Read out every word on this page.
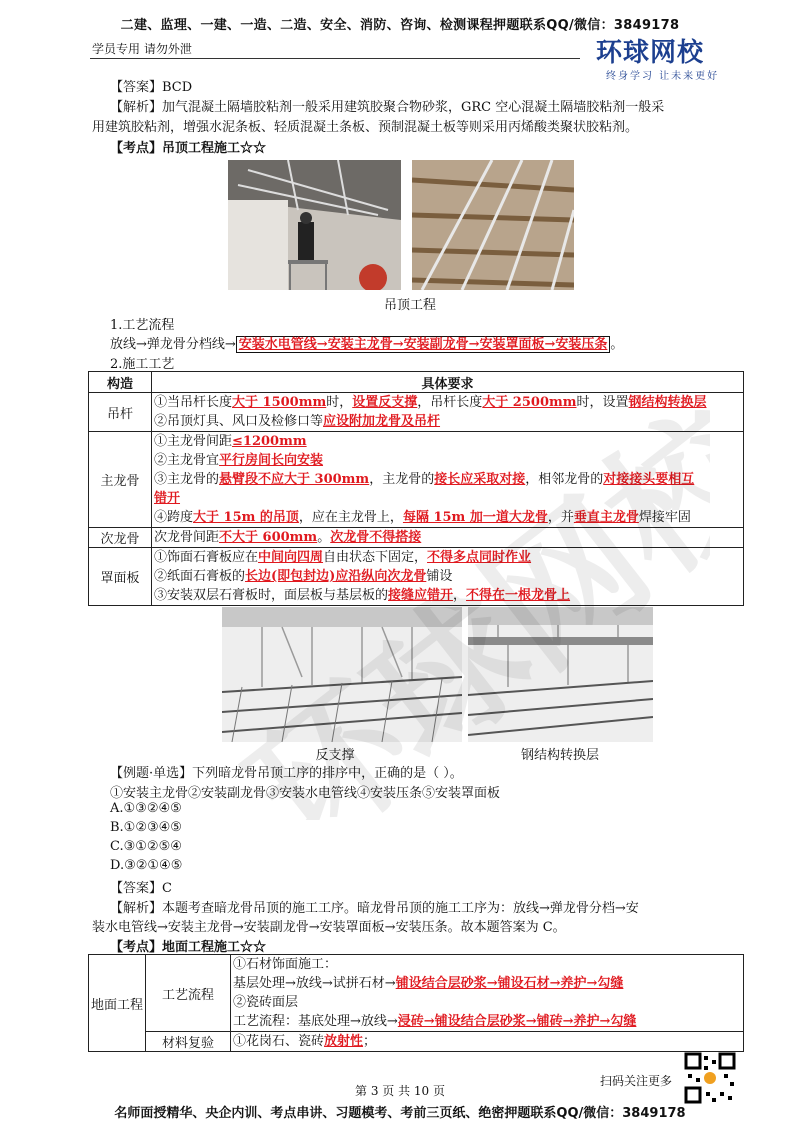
二建、监理、一建、一造、二造、安全、消防、咨询、检测课程押题联系QQ/微信：3849178
学员专用 请勿外泄	环球网校
终身学习 让未来更好
【答案】BCD
【解析】加气混凝土隔墙胶粘剂一般采用建筑胶聚合物砂浆，GRC 空心混凝土隔墙胶粘剂一般采
用建筑胶粘剂，增强水泥条板、轻质混凝土条板、预制混凝土板等则采用丙烯酸类聚状胶粘剂。
【考点】吊顶工程施工☆☆
吊顶工程
1.工艺流程
放线→弹龙骨分档线→ 安装水电管线→安装主龙骨→安装副龙骨→安装罩面板→安装压条 。
2.施工工艺
构造	具体要求
吊杆	①当吊杆长度大于 1500mm时，设置反支撑，吊杆长度大于 2500mm时，设置钢结构转换层
②吊顶灯具、风口及检修口等应设附加龙骨及吊杆

主龙骨	①主龙骨间距≤1200mm
②主龙骨宜平行房间长向安装
③主龙骨的悬臂段不应大于 300mm，主龙骨的接长应采取对接，相邻龙骨的对接接头要相互
错开
④跨度大于 15m 的吊顶，应在主龙骨上，每隔 15m 加一道大龙骨，并垂直主龙骨焊接牢固

次龙骨	次龙骨间距不大于 600mm。次龙骨不得搭接

罩面板	①饰面石膏板应在中间向四周自由状态下固定，不得多点同时作业
②纸面石膏板的长边(即包封边)应沿纵向次龙骨铺设
③安装双层石膏板时，面层板与基层板的接缝应错开，不得在一根龙骨上
反支撑	钢结构转换层
【例题·单选】下列暗龙骨吊顶工序的排序中，正确的是（ ）。
①安装主龙骨②安装副龙骨③安装水电管线④安装压条⑤安装罩面板
A.①③②④⑤
B.①②③④⑤
C.③①②⑤④
D.③②①④⑤
【答案】C
【解析】本题考查暗龙骨吊顶的施工工序。暗龙骨吊顶的施工工序为：放线→弹龙骨分档→安
装水电管线→安装主龙骨→安装副龙骨→安装罩面板→安装压条。故本题答案为 C。
【考点】地面工程施工☆☆
地面工程	工艺流程	①石材饰面施工：
基层处理→放线→试拼石材→铺设结合层砂浆→铺设石材→养护→勾缝
②瓷砖面层
工艺流程：基底处理→放线→浸砖→铺设结合层砂浆→铺砖→养护→勾缝

	材料复验	①花岗石、瓷砖放射性；
环球网校
扫码关注更多
第 3 页 共 10 页
名师面授精华、央企内训、考点串讲、习题模考、考前三页纸、绝密押题联系QQ/微信：3849178
